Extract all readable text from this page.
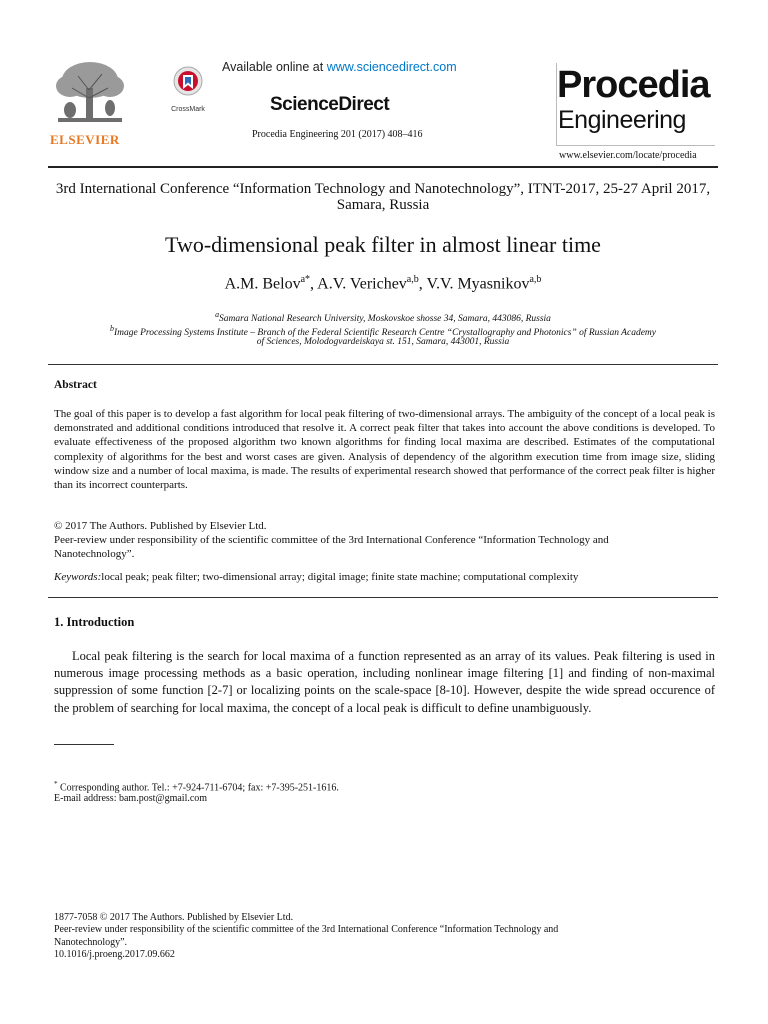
ELSEVIER
CrossMark
Available online at www.sciencedirect.com
ScienceDirect
Procedia Engineering 201 (2017) 408–416
Procedia
Engineering
www.elsevier.com/locate/procedia
3rd International Conference “Information Technology and Nanotechnology”, ITNT-2017, 25-27 April 2017, Samara, Russia
Two-dimensional peak filter in almost linear time
A.M. Belov$^{a*}$, A.V. Verichev$^{a,b}$, V.V. Myasnikov$^{a,b}$
$^a$Samara National Research University, Moskovskoe shosse 34, Samara, 443086, Russia
$^b$Image Processing Systems Institute – Branch of the Federal Scientific Research Centre “Crystallography and Photonics” of Russian Academy
of Sciences, Molodogvardeiskaya st. 151, Samara, 443001, Russia
Abstract
The goal of this paper is to develop a fast algorithm for local peak filtering of two-dimensional arrays. The ambiguity of the concept of a local peak is demonstrated and additional conditions introduced that resolve it. A correct peak filter that takes into account the above conditions is developed. To evaluate effectiveness of the proposed algorithm two known algorithms for finding local maxima are described. Estimates of the computational complexity of algorithms for the best and worst cases are given. Analysis of dependency of the algorithm execution time from image size, sliding window size and a number of local maxima, is made. The results of experimental research showed that performance of the correct peak filter is higher than its incorrect counterparts.
© 2017 The Authors. Published by Elsevier Ltd.
Peer-review under responsibility of the scientific committee of the 3rd International Conference “Information Technology and
Nanotechnology”.
Keywords:local peak; peak filter; two-dimensional array; digital image; finite state machine; computational complexity
1. Introduction
Local peak filtering is the search for local maxima of a function represented as an array of its values. Peak filtering is used in numerous image processing methods as a basic operation, including nonlinear image filtering [1] and finding of non-maximal suppression of some function [2-7] or localizing points on the scale-space [8-10]. However, despite the wide spread occurence of the problem of searching for local maxima, the concept of a local peak is difficult to define unambiguously.
* Corresponding author. Tel.: +7-924-711-6704; fax: +7-395-251-1616.
E-mail address: bam.post@gmail.com
1877-7058 © 2017 The Authors. Published by Elsevier Ltd.
Peer-review under responsibility of the scientific committee of the 3rd International Conference “Information Technology and
Nanotechnology”.
10.1016/j.proeng.2017.09.662
